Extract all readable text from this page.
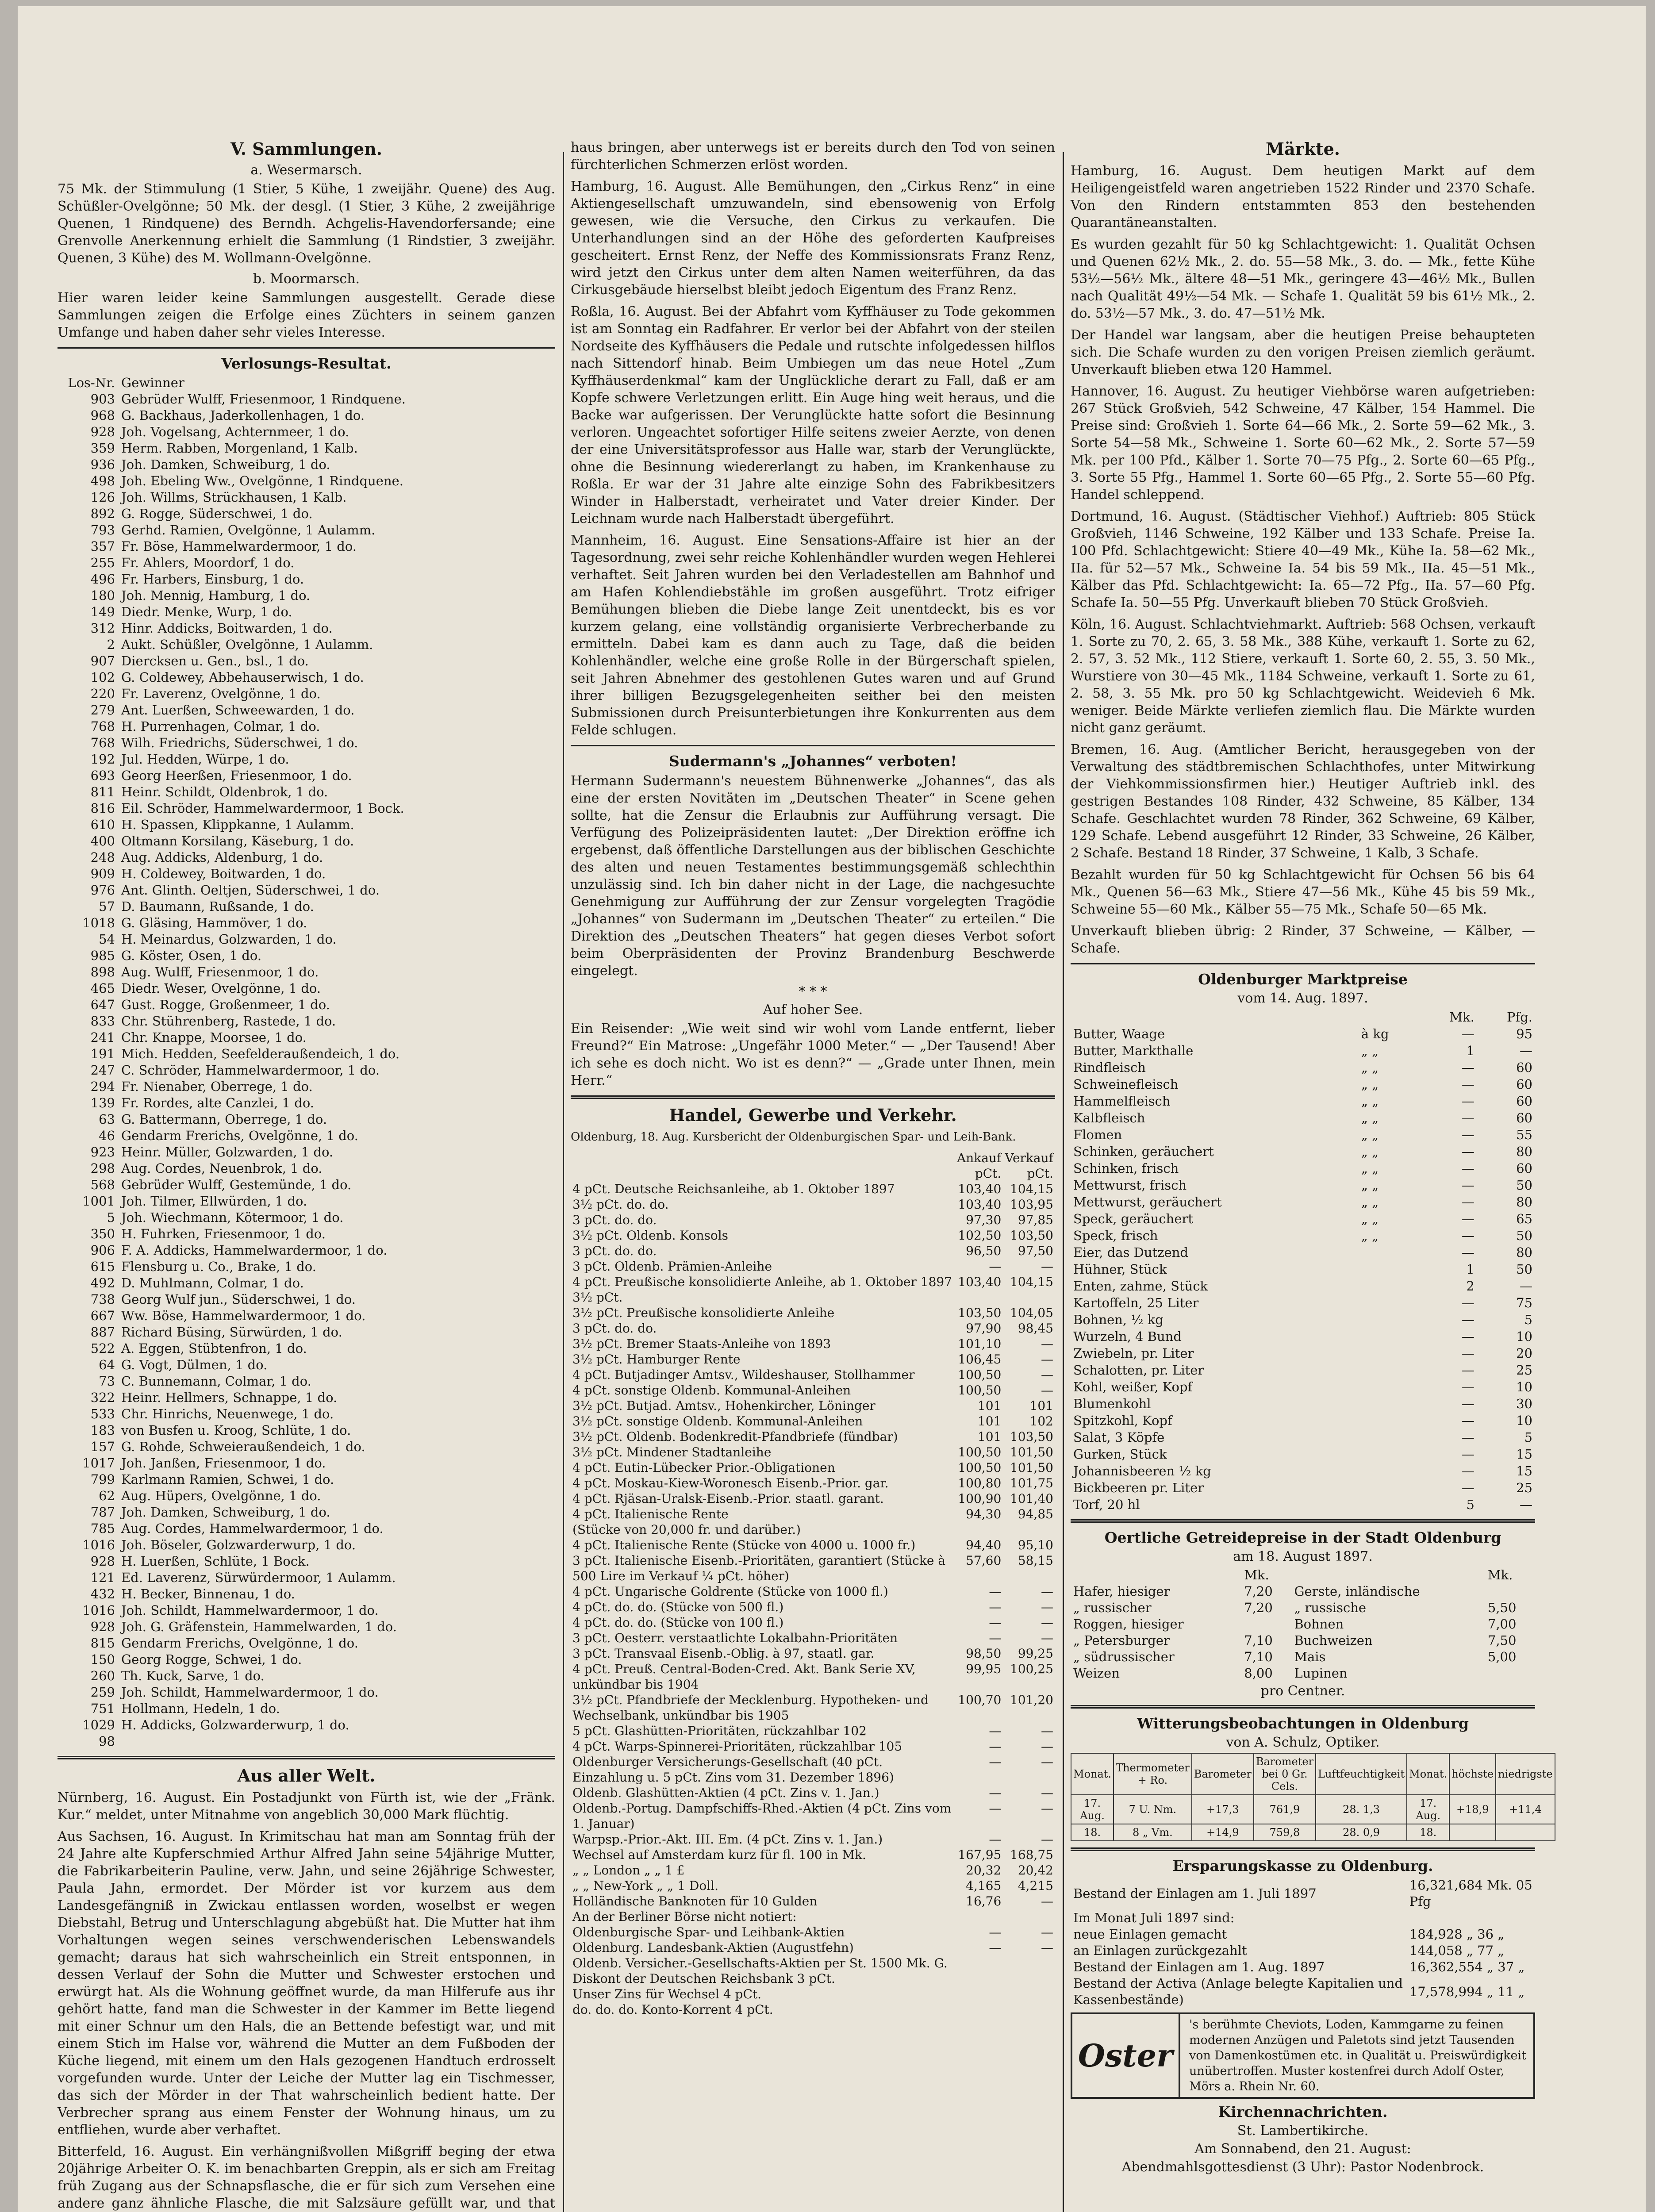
V. Sammlungen.
a. Wesermarsch.

75 Mk. der Stimmulung (1 Stier, 5 Kühe, 1 zweijähr. Quene) des Aug. Schüßler-Ovelgönne; 50 Mk. der desgl. (1 Stier, 3 Kühe, 2 zweijährige Quenen, 1 Rindquene) des Berndh. Achgelis-Havendorfersande; eine Grenvolle Anerkennung erhielt die Sammlung (1 Rindstier, 3 zweijähr. Quenen, 3 Kühe) des M. Wollmann-Ovelgönne.

b. Moormarsch.

Hier waren leider keine Sammlungen ausgestellt. Gerade diese Sammlungen zeigen die Erfolge eines Züchters in seinem ganzen Umfange und haben daher sehr vieles Interesse.

Verlosungs-Resultat.
Los-Nr. Gewinner
903 Gebrüder Wulff, Friesenmoor, 1 Rindquene.
968 G. Backhaus, Jaderkollenhagen, 1 do.
928 Joh. Vogelsang, Achternmeer, 1 do.
359 Herm. Rabben, Morgenland, 1 Kalb.
936 Joh. Damken, Schweiburg, 1 do.
498 Joh. Ebeling Ww., Ovelgönne, 1 Rindquene.
126 Joh. Willms, Strückhausen, 1 Kalb.
892 G. Rogge, Süderschwei, 1 do.
793 Gerhd. Ramien, Ovelgönne, 1 Aulamm.
357 Fr. Böse, Hammelwardermoor, 1 do.
255 Fr. Ahlers, Moordorf, 1 do.
496 Fr. Harbers, Einsburg, 1 do.
180 Joh. Mennig, Hamburg, 1 do.
149 Diedr. Menke, Wurp, 1 do.
312 Hinr. Addicks, Boitwarden, 1 do.
2 Aukt. Schüßler, Ovelgönne, 1 Aulamm.
907 Diercksen u. Gen., bsl., 1 do.
102 G. Coldewey, Abbehauserwisch, 1 do.
220 Fr. Laverenz, Ovelgönne, 1 do.
279 Ant. Luerßen, Schweewarden, 1 do.
768 H. Purrenhagen, Colmar, 1 do.
768 Wilh. Friedrichs, Süderschwei, 1 do.
192 Jul. Hedden, Würpe, 1 do.
693 Georg Heerßen, Friesenmoor, 1 do.
811 Heinr. Schildt, Oldenbrok, 1 do.
816 Eil. Schröder, Hammelwardermoor, 1 Bock.
610 H. Spassen, Klippkanne, 1 Aulamm.
400 Oltmann Korsilang, Käseburg, 1 do.
248 Aug. Addicks, Aldenburg, 1 do.
909 H. Coldewey, Boitwarden, 1 do.
976 Ant. Glinth. Oeltjen, Süderschwei, 1 do.
57 D. Baumann, Rußsande, 1 do.
1018 G. Gläsing, Hammöver, 1 do.
54 H. Meinardus, Golzwarden, 1 do.
985 G. Köster, Osen, 1 do.
898 Aug. Wulff, Friesenmoor, 1 do.
465 Diedr. Weser, Ovelgönne, 1 do.
647 Gust. Rogge, Großenmeer, 1 do.
833 Chr. Stührenberg, Rastede, 1 do.
241 Chr. Knappe, Moorsee, 1 do.
191 Mich. Hedden, Seefelderaußendeich, 1 do.
247 C. Schröder, Hammelwardermoor, 1 do.
294 Fr. Nienaber, Oberrege, 1 do.
139 Fr. Rordes, alte Canzlei, 1 do.
63 G. Battermann, Oberrege, 1 do.
46 Gendarm Frerichs, Ovelgönne, 1 do.
923 Heinr. Müller, Golzwarden, 1 do.
298 Aug. Cordes, Neuenbrok, 1 do.
568 Gebrüder Wulff, Gestemünde, 1 do.
1001 Joh. Tilmer, Ellwürden, 1 do.
5 Joh. Wiechmann, Kötermoor, 1 do.
350 H. Fuhrken, Friesenmoor, 1 do.
906 F. A. Addicks, Hammelwardermoor, 1 do.
615 Flensburg u. Co., Brake, 1 do.
492 D. Muhlmann, Colmar, 1 do.
738 Georg Wulf jun., Süderschwei, 1 do.
667 Ww. Böse, Hammelwardermoor, 1 do.
887 Richard Büsing, Sürwürden, 1 do.
522 A. Eggen, Stübtenfron, 1 do.
64 G. Vogt, Dülmen, 1 do.
73 C. Bunnemann, Colmar, 1 do.
322 Heinr. Hellmers, Schnappe, 1 do.
533 Chr. Hinrichs, Neuenwege, 1 do.
183 von Busfen u. Kroog, Schlüte, 1 do.
157 G. Rohde, Schweieraußendeich, 1 do.
1017 Joh. Janßen, Friesenmoor, 1 do.
799 Karlmann Ramien, Schwei, 1 do.
62 Aug. Hüpers, Ovelgönne, 1 do.
787 Joh. Damken, Schweiburg, 1 do.
785 Aug. Cordes, Hammelwardermoor, 1 do.
1016 Joh. Böseler, Golzwarderwurp, 1 do.
928 H. Luerßen, Schlüte, 1 Bock.
121 Ed. Laverenz, Sürwürdermoor, 1 Aulamm.
432 H. Becker, Binnenau, 1 do.
1016 Joh. Schildt, Hammelwardermoor, 1 do.
928 Joh. G. Gräfenstein, Hammelwarden, 1 do.
815 Gendarm Frerichs, Ovelgönne, 1 do.
150 Georg Rogge, Schwei, 1 do.
260 Th. Kuck, Sarve, 1 do.
259 Joh. Schildt, Hammelwardermoor, 1 do.
751 Hollmann, Hedeln, 1 do.
1029 H. Addicks, Golzwarderwurp, 1 do.
98
Aus aller Welt.

Nürnberg, 16. August. Ein Postadjunkt von Fürth ist, wie der „Fränk. Kur.“ meldet, unter Mitnahme von angeblich 30,000 Mark flüchtig.

Aus Sachsen, 16. August. In Krimitschau hat man am Sonntag früh der 24 Jahre alte Kupferschmied Arthur Alfred Jahn seine 54jährige Mutter, die Fabrikarbeiterin Pauline, verw. Jahn, und seine 26jährige Schwester, Paula Jahn, ermordet. Der Mörder ist vor kurzem aus dem Landesgefängniß in Zwickau entlassen worden, woselbst er wegen Diebstahl, Betrug und Unterschlagung abgebüßt hat. Die Mutter hat ihm Vorhaltungen wegen seines verschwenderischen Lebenswandels gemacht; daraus hat sich wahrscheinlich ein Streit entsponnen, in dessen Verlauf der Sohn die Mutter und Schwester erstochen und erwürgt hat. Als die Wohnung geöffnet wurde, da man Hilferufe aus ihr gehört hatte, fand man die Schwester in der Kammer im Bette liegend mit einer Schnur um den Hals, die an Bettende befestigt war, und mit einem Stich im Halse vor, während die Mutter an dem Fußboden der Küche liegend, mit einem um den Hals gezogenen Handtuch erdrosselt vorgefunden wurde. Unter der Leiche der Mutter lag ein Tischmesser, das sich der Mörder in der That wahrscheinlich bedient hatte. Der Verbrecher sprang aus einem Fenster der Wohnung hinaus, um zu entfliehen, wurde aber verhaftet.

Bitterfeld, 16. August. Ein verhängnißvollen Mißgriff beging der etwa 20jährige Arbeiter O. K. im benachbarten Greppin, als er sich am Freitag früh Zugang aus der Schnapsflasche, die er für sich zum Versehen eine andere ganz ähnliche Flasche, die mit Salzsäure gefüllt war, und that

haus bringen, aber unterwegs ist er bereits durch den Tod von seinen fürchterlichen Schmerzen erlöst worden.

Hamburg, 16. August. Alle Bemühungen, den „Cirkus Renz“ in eine Aktiengesellschaft umzuwandeln, sind ebensowenig von Erfolg gewesen, wie die Versuche, den Cirkus zu verkaufen. Die Unterhandlungen sind an der Höhe des geforderten Kaufpreises gescheitert. Ernst Renz, der Neffe des Kommissionsrats Franz Renz, wird jetzt den Cirkus unter dem alten Namen weiterführen, da das Cirkusgebäude hierselbst bleibt jedoch Eigentum des Franz Renz.

Roßla, 16. August. Bei der Abfahrt vom Kyffhäuser zu Tode gekommen ist am Sonntag ein Radfahrer. Er verlor bei der Abfahrt von der steilen Nordseite des Kyffhäusers die Pedale und rutschte infolgedessen hilflos nach Sittendorf hinab. Beim Umbiegen um das neue Hotel „Zum Kyffhäuserdenkmal“ kam der Unglückliche derart zu Fall, daß er am Kopfe schwere Verletzungen erlitt. Ein Auge hing weit heraus, und die Backe war aufgerissen. Der Verunglückte hatte sofort die Besinnung verloren. Ungeachtet sofortiger Hilfe seitens zweier Aerzte, von denen der eine Universitätsprofessor aus Halle war, starb der Verunglückte, ohne die Besinnung wiedererlangt zu haben, im Krankenhause zu Roßla. Er war der 31 Jahre alte einzige Sohn des Fabrikbesitzers Winder in Halberstadt, verheiratet und Vater dreier Kinder. Der Leichnam wurde nach Halberstadt übergeführt.

Mannheim, 16. August. Eine Sensations-Affaire ist hier an der Tagesordnung, zwei sehr reiche Kohlenhändler wurden wegen Hehlerei verhaftet. Seit Jahren wurden bei den Verladestellen am Bahnhof und am Hafen Kohlendiebstähle im großen ausgeführt. Trotz eifriger Bemühungen blieben die Diebe lange Zeit unentdeckt, bis es vor kurzem gelang, eine vollständig organisierte Verbrecherbande zu ermitteln. Dabei kam es dann auch zu Tage, daß die beiden Kohlenhändler, welche eine große Rolle in der Bürgerschaft spielen, seit Jahren Abnehmer des gestohlenen Gutes waren und auf Grund ihrer billigen Bezugsgelegenheiten seither bei den meisten Submissionen durch Preisunterbietungen ihre Konkurrenten aus dem Felde schlugen.

Sudermann's „Johannes“ verboten!

Hermann Sudermann's neuestem Bühnenwerke „Johannes“, das als eine der ersten Novitäten im „Deutschen Theater“ in Scene gehen sollte, hat die Zensur die Erlaubnis zur Aufführung versagt. Die Verfügung des Polizeipräsidenten lautet: „Der Direktion eröffne ich ergebenst, daß öffentliche Darstellungen aus der biblischen Geschichte des alten und neuen Testamentes bestimmungsgemäß schlechthin unzulässig sind. Ich bin daher nicht in der Lage, die nachgesuchte Genehmigung zur Aufführung der zur Zensur vorgelegten Tragödie „Johannes“ von Sudermann im „Deutschen Theater“ zu erteilen.“ Die Direktion des „Deutschen Theaters“ hat gegen dieses Verbot sofort beim Oberpräsidenten der Provinz Brandenburg Beschwerde eingelegt.

* * *
Auf hoher See.

Ein Reisender: „Wie weit sind wir wohl vom Lande entfernt, lieber Freund?“ Ein Matrose: „Ungefähr 1000 Meter.“ — „Der Tausend! Aber ich sehe es doch nicht. Wo ist es denn?“ — „Grade unter Ihnen, mein Herr.“

Handel, Gewerbe und Verkehr.

Oldenburg, 18. Aug. Kursbericht der Oldenburgischen Spar- und Leih-Bank.

	Ankauf	Verkauf
	pCt.	pCt.
4 pCt. Deutsche Reichsanleihe, ab 1. Oktober 1897	103,40	104,15
3½ pCt. do. do.	103,40	103,95
3 pCt. do. do.	97,30	97,85
3½ pCt. Oldenb. Konsols	102,50	103,50
3 pCt. do. do.	96,50	97,50
3 pCt. Oldenb. Prämien-Anleihe	—	—
4 pCt. Preußische konsolidierte Anleihe, ab 1. Oktober 1897 3½ pCt.	103,40	104,15
3½ pCt. Preußische konsolidierte Anleihe	103,50	104,05
3 pCt. do. do.	97,90	98,45
3½ pCt. Bremer Staats-Anleihe von 1893	101,10	—
3½ pCt. Hamburger Rente	106,45	—
4 pCt. Butjadinger Amtsv., Wildeshauser, Stollhammer	100,50	—
4 pCt. sonstige Oldenb. Kommunal-Anleihen	100,50	—
3½ pCt. Butjad. Amtsv., Hohenkircher, Löninger	101	101
3½ pCt. sonstige Oldenb. Kommunal-Anleihen	101	102
3½ pCt. Oldenb. Bodenkredit-Pfandbriefe (fündbar)	101	103,50
3½ pCt. Mindener Stadtanleihe	100,50	101,50
4 pCt. Eutin-Lübecker Prior.-Obligationen	100,50	101,50
4 pCt. Moskau-Kiew-Woronesch Eisenb.-Prior. gar.	100,80	101,75
4 pCt. Rjäsan-Uralsk-Eisenb.-Prior. staatl. garant.	100,90	101,40
4 pCt. Italienische Rente	94,30	94,85
(Stücke von 20,000 fr. und darüber.)		
4 pCt. Italienische Rente (Stücke von 4000 u. 1000 fr.)	94,40	95,10
3 pCt. Italienische Eisenb.-Prioritäten, garantiert (Stücke à 500 Lire im Verkauf ¼ pCt. höher)	57,60	58,15
4 pCt. Ungarische Goldrente (Stücke von 1000 fl.)	—	—
4 pCt. do. do. (Stücke von 500 fl.)	—	—
4 pCt. do. do. (Stücke von 100 fl.)	—	—
3 pCt. Oesterr. verstaatlichte Lokalbahn-Prioritäten	—	—
3 pCt. Transvaal Eisenb.-Oblig. à 97, staatl. gar.	98,50	99,25
4 pCt. Preuß. Central-Boden-Cred. Akt. Bank Serie XV, unkündbar bis 1904	99,95	100,25
3½ pCt. Pfandbriefe der Mecklenburg. Hypotheken- und Wechselbank, unkündbar bis 1905	100,70	101,20
5 pCt. Glashütten-Prioritäten, rückzahlbar 102	—	—
4 pCt. Warps-Spinnerei-Prioritäten, rückzahlbar 105	—	—
Oldenburger Versicherungs-Gesellschaft (40 pCt. Einzahlung u. 5 pCt. Zins vom 31. Dezember 1896)	—	—
Oldenb. Glashütten-Aktien (4 pCt. Zins v. 1. Jan.)	—	—
Oldenb.-Portug. Dampfschiffs-Rhed.-Aktien (4 pCt. Zins vom 1. Januar)	—	—
Warpsp.-Prior.-Akt. III. Em. (4 pCt. Zins v. 1. Jan.)	—	—
Wechsel auf Amsterdam kurz für fl. 100 in Mk.	167,95	168,75
„ „ London „ „ 1 £	20,32	20,42
„ „ New-York „ „ 1 Doll.	4,165	4,215
Holländische Banknoten für 10 Gulden	16,76	—
An der Berliner Börse nicht notiert:		
Oldenburgische Spar- und Leihbank-Aktien	—	—
Oldenburg. Landesbank-Aktien (Augustfehn)	—	—
Oldenb. Versicher.-Gesellschafts-Aktien per St. 1500 Mk. G.		
Diskont der Deutschen Reichsbank 3 pCt.		
Unser Zins für Wechsel 4 pCt.		
do. do. do. Konto-Korrent 4 pCt.		
Märkte.

Hamburg, 16. August. Dem heutigen Markt auf dem Heiligengeistfeld waren angetrieben 1522 Rinder und 2370 Schafe. Von den Rindern entstammten 853 den bestehenden Quarantäneanstalten.

Es wurden gezahlt für 50 kg Schlachtgewicht: 1. Qualität Ochsen und Quenen 62½ Mk., 2. do. 55—58 Mk., 3. do. — Mk., fette Kühe 53½—56½ Mk., ältere 48—51 Mk., geringere 43—46½ Mk., Bullen nach Qualität 49½—54 Mk. — Schafe 1. Qualität 59 bis 61½ Mk., 2. do. 53½—57 Mk., 3. do. 47—51½ Mk.

Der Handel war langsam, aber die heutigen Preise behaupteten sich. Die Schafe wurden zu den vorigen Preisen ziemlich geräumt. Unverkauft blieben etwa 120 Hammel.

Hannover, 16. August. Zu heutiger Viehbörse waren aufgetrieben: 267 Stück Großvieh, 542 Schweine, 47 Kälber, 154 Hammel. Die Preise sind: Großvieh 1. Sorte 64—66 Mk., 2. Sorte 59—62 Mk., 3. Sorte 54—58 Mk., Schweine 1. Sorte 60—62 Mk., 2. Sorte 57—59 Mk. per 100 Pfd., Kälber 1. Sorte 70—75 Pfg., 2. Sorte 60—65 Pfg., 3. Sorte 55 Pfg., Hammel 1. Sorte 60—65 Pfg., 2. Sorte 55—60 Pfg. Handel schleppend.

Dortmund, 16. August. (Städtischer Viehhof.) Auftrieb: 805 Stück Großvieh, 1146 Schweine, 192 Kälber und 133 Schafe. Preise Ia. 100 Pfd. Schlachtgewicht: Stiere 40—49 Mk., Kühe Ia. 58—62 Mk., IIa. für 52—57 Mk., Schweine Ia. 54 bis 59 Mk., IIa. 45—51 Mk., Kälber das Pfd. Schlachtgewicht: Ia. 65—72 Pfg., IIa. 57—60 Pfg. Schafe Ia. 50—55 Pfg. Unverkauft blieben 70 Stück Großvieh.

Köln, 16. August. Schlachtviehmarkt. Auftrieb: 568 Ochsen, verkauft 1. Sorte zu 70, 2. 65, 3. 58 Mk., 388 Kühe, verkauft 1. Sorte zu 62, 2. 57, 3. 52 Mk., 112 Stiere, verkauft 1. Sorte 60, 2. 55, 3. 50 Mk., Wurstiere von 30—45 Mk., 1184 Schweine, verkauft 1. Sorte zu 61, 2. 58, 3. 55 Mk. pro 50 kg Schlachtgewicht. Weidevieh 6 Mk. weniger. Beide Märkte verliefen ziemlich flau. Die Märkte wurden nicht ganz geräumt.

Bremen, 16. Aug. (Amtlicher Bericht, herausgegeben von der Verwaltung des städtbremischen Schlachthofes, unter Mitwirkung der Viehkommissionsfirmen hier.) Heutiger Auftrieb inkl. des gestrigen Bestandes 108 Rinder, 432 Schweine, 85 Kälber, 134 Schafe. Geschlachtet wurden 78 Rinder, 362 Schweine, 69 Kälber, 129 Schafe. Lebend ausgeführt 12 Rinder, 33 Schweine, 26 Kälber, 2 Schafe. Bestand 18 Rinder, 37 Schweine, 1 Kalb, 3 Schafe.

Bezahlt wurden für 50 kg Schlachtgewicht für Ochsen 56 bis 64 Mk., Quenen 56—63 Mk., Stiere 47—56 Mk., Kühe 45 bis 59 Mk., Schweine 55—60 Mk., Kälber 55—75 Mk., Schafe 50—65 Mk.

Unverkauft blieben übrig: 2 Rinder, 37 Schweine, — Kälber, — Schafe.

Oldenburger Marktpreise
vom 14. Aug. 1897.
		Mk.	Pfg.
Butter, Waage	à kg	—	95
Butter, Markthalle	„ „	1	—
Rindfleisch	„ „	—	60
Schweinefleisch	„ „	—	60
Hammelfleisch	„ „	—	60
Kalbfleisch	„ „	—	60
Flomen	„ „	—	55
Schinken, geräuchert	„ „	—	80
Schinken, frisch	„ „	—	60
Mettwurst, frisch	„ „	—	50
Mettwurst, geräuchert	„ „	—	80
Speck, geräuchert	„ „	—	65
Speck, frisch	„ „	—	50
Eier, das Dutzend		—	80
Hühner, Stück		1	50
Enten, zahme, Stück		2	—
Kartoffeln, 25 Liter		—	75
Bohnen, ½ kg		—	5
Wurzeln, 4 Bund		—	10
Zwiebeln, pr. Liter		—	20
Schalotten, pr. Liter		—	25
Kohl, weißer, Kopf		—	10
Blumenkohl		—	30
Spitzkohl, Kopf		—	10
Salat, 3 Köpfe		—	5
Gurken, Stück		—	15
Johannisbeeren ½ kg		—	15
Bickbeeren pr. Liter		—	25
Torf, 20 hl		5	—
Oertliche Getreidepreise in der Stadt Oldenburg
am 18. August 1897.
	Mk.		Mk.
Hafer, hiesiger	7,20	Gerste, inländische	
„ russischer	7,20	„ russische	5,50
Roggen, hiesiger		Bohnen	7,00
„ Petersburger	7,10	Buchweizen	7,50
„ südrussischer	7,10	Mais	5,00
Weizen	8,00	Lupinen	
pro Centner.
Witterungsbeobachtungen in Oldenburg
von A. Schulz, Optiker.
Monat.	Thermometer + Ro.	Barometer	Barometer bei 0 Gr. Cels.	Luftfeuchtigkeit	Monat.	höchste	niedrigste
17. Aug.	7 U. Nm.	+17,3	761,9	28. 1,3	17. Aug.	+18,9	+11,4
18.	8 „ Vm.	+14,9	759,8	28. 0,9	18.		
Ersparungskasse zu Oldenburg.
Bestand der Einlagen am 1. Juli 1897	16,321,684 Mk. 05 Pfg
Im Monat Juli 1897 sind:	
neue Einlagen gemacht	184,928 „ 36 „
an Einlagen zurückgezahlt	144,058 „ 77 „
Bestand der Einlagen am 1. Aug. 1897	16,362,554 „ 37 „
Bestand der Activa (Anlage belegte Kapitalien und Kassenbestände)	17,578,994 „ 11 „
Oster
's berühmte Cheviots, Loden, Kammgarne zu feinen modernen Anzügen und Paletots sind jetzt Tausenden von Damenkostümen etc. in Qualität u. Preiswürdigkeit unübertroffen. Muster kostenfrei durch Adolf Oster, Mörs a. Rhein Nr. 60.
Kirchennachrichten.
St. Lambertikirche.
Am Sonnabend, den 21. August:
Abendmahlsgottesdienst (3 Uhr): Pastor Nodenbrock.
